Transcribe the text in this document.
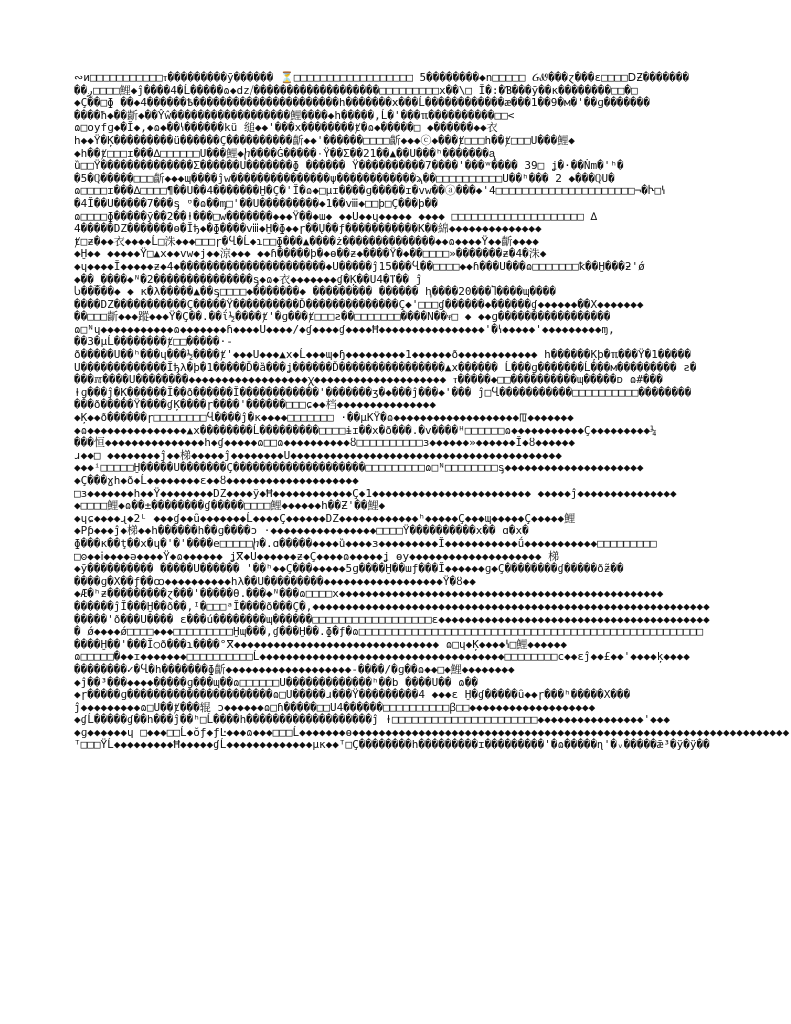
∾ͷ□□□□□□□□□□□ⲧ���������ӯ������ ⏳□□□□□□□□□□□□□□□□□□ 5��������◆ո□□□□□ ᏵᏪ���ɀ���ɛ□□□□ⅮƵ�������
��ږ□□□□鯉◆ĵ����4�Ĺ�����ɷ◆dz⧸�������������������□□□□□□□□□x��\□ Ĭ�:�Ɓ���ӯ��к��������□□�□
◆Ç��□ɸ ��◆4������Ѣ����������������������h�������ⅹ���Ĺ������������æ���1��9�м�'��ɡ�������
����ħ◆��齗◆��Ŷŵ������������������鯉����◆h�����,Ĺ�'���ℼ����������□□<
ɷ□oyfɡ◆�Ĭ◆,◆ɷ◆��ꝇ������kü 缒◆◆'���x��������ⱦ�ɷ◆�����□ ◆������◆◆衣
h◆◆Ÿ�Ķ���������ü������Ç����������齗◆◆'������□□□□齗◆◆◆ⓒ◆���ⱦ□□□h��ⱦ□□□U���鯉◆
◆h��ⱦ□□□ɪ���∆□□□□□□U���鯉◆ⴙ����Ġ�����۰Ÿ��Σ��21��▲��U���ʰ�������ᶏ
ȕ□□Ÿ��������������Σ������U�������ɸ ������ Ÿ����������7����'���ʷ���� 39□ ʝ�·��Ṅm�'ʰ�
�5�ℚ�����□□□齗◆◆◆ɰ����ĵw���������������ψ������������ϡ��□□□□□□□□□□U��ʰ��� 2 ◆���ℚU�
ɷ□□□□ɪ���∆□□□□¶��U��4�������Ḫ�Ç�'Ĭ�ɷ◆□μɪ����ɡ�����ɪ�vw��ⓐ���◆'4□□□□□□□□□□□□□□□□□□□□□¬�Ⴡ□ꝇ
�4Ĭ��U�����7���ᶊ ᶷ�ɷ��ᶆ□'��U���������◆1��ⅷ◆□□þ□Ç���þ��
ɷ□□□□ɸ�����ӯ��2��ⱡ���□w�������◆◆◆Ÿ��◆ɯ◆ ◆◆U◆◆ɥ◆◆◆◆◆ ◆◆◆◆ □□□□□□□□□□□□□□□□□□□□ ∆
4�����DZ�������ɵ�Ĭђ◆�ɸ����ⅷ◆Ḫ�ɸ◆◆ɼ��Ų��ƒ�����������K��綿◆◆◆◆◆◆◆◆◆◆◆◆◆◆
ⱦ□ƶ�◆◆衣◆◆◆◆Ĺ□洙◆◆◆□□□ɼ�Ⴁ�Ĺ◆ɿ□□ɸ���▲����ż��������������◆◆ɷ◆◆◆◆Ÿ◆◆齗◆◆◆◆
◆Ḫ◆◆ ◆◆◆◆◆Ÿ□▲x◆◆vw◆j◆◆涼◆◆◆ ◆◆ɦ�����þ�◆ɵ��ƶ◆����Ÿ�◆��□□□□»�������ƶ�4�洙◆
◆ɥ◆◆◆◆Ĭ◆◆◆◆◆ƶ◆4◆����������������������◆U�����ĵ15���Ⴁ��□□□□◆◆ɦ���U���ɷ□□□□□□□ꝁ��Ḫ���ƻ'ǿ
◆��_����◆ᴺ�2���������������ᶊ◆ɷ◆衣◆◆◆◆◆◆◆ɠ�Ķ��U4�ⴶ�� ĵ
Ⴑ�����◆ ◆ ĸ�λ�����▲��ᶊ□□□□◆�������◆ ��������� ������ ⱨ����20���Ⴈ����ɰ����
����DZ�����������Ç�����Ÿ����������Ď��������������Ç◆'□□□ɠ������◆������ɠ◆◆◆◆◆◆��X◆◆◆◆◆◆◆
��□□□齗◆◆◆蹤◆◆◆Ÿ�Ç��.��ΐ½����ⱦ'�ɡ���ⱦ□□□ƨ��□□□□□□□����N��ⳡ□ ◆ ◆◆ɡ�����������������
ɷ□ᴺɥ◆◆◆◆◆◆◆◆◆◆◆ɷ◆◆◆◆◆◆◆ɦ◆◆◆◆U◆◆◆◆/◆ɠ◆◆◆◆ɠ◆◆◆◆Ħ◆◆◆◆◆◆◆◆◆◆◆◆◆◆◆◆'�ꝇ◆◆◆◆◆'◆◆◆◆◆◆◆◆◆ɱ,
��3�μĹ��������ⱦ□□�����·-
ð�����U��ʰ���ɥ���½����ⱦ'◆◆◆U◆◆◆▲x◆Ĺ◆◆◆ɰ◆ɧ◆◆◆◆◆◆◆◆◆1◆◆◆◆◆◆ð◆◆◆◆◆◆◆◆◆◆◆◆ h������Ķþ�ℼ���Ÿ�1�����
U�������������Ĭђλ�þ�1�����Ď�ȁ���ʝ������Ď����������������▲x������ Ĺ���ɡ�������Ĺ���м��������� ƨ�
���ℼ����U��������◆◆◆◆◆◆◆◆◆◆◆◆◆◆◆◆◆◆ꭓ◆◆◆◆◆◆◆◆◆◆◆◆◆◆◆◆◆◆◆◆ ⲧ�����◆□□����������ɰ�����ᴅ ɷ#���
ⱡɡ���ĵ�Ķ������Ĭ��ð������Ĭ������������'�������ʒ�◆���ĵ���◆'��� ĵ□Ⴁ�����������□□□□□□□□□□��������
���ð�����Ÿ����ɠĶ����ɼ����'������□□□ɕ◆◆档◆◆◆◆◆◆◆◆◆◆◆◆◆◆◆
◆Ķ◆◆ð������ɼ□□□□□□□□Ⴁ����ĵ�ĸ◆◆◆◆□□□□□□□ ·��μKŸ�ɷ◆◆◆◆◆◆◆◆◆◆◆◆◆◆◆◆◆◆◆ꡄ◆◆◆◆◆◆◆
◆ɷ◆◆◆◆◆◆◆◆◆◆◆◆◆◆◆▲x��������Ĺ���������□□□□ɨɪ��x�ð���.�v����ᴴ□□□□□□ɷ◆◆◆◆◆◆◆◆◆◆◆Ç◆◆◆◆◆◆◆◆◆¼
���恒◆◆◆◆◆◆◆◆◆◆◆◆◆◆◆h◆ɠ◆◆◆◆◆ɷ□□ɷ◆◆◆◆◆◆◆◆◆◆ȣ□□□□□□□□□□ɜ◆◆◆◆◆◆»◆◆◆◆◆◆Ĭ◆ȣ◆◆◆◆◆◆
ɹ◆◆□ ◆◆◆◆◆◆◆◆ĵ◆◆梯◆◆◆◆◆ĵ◆◆◆◆◆◆◆◆U◆◆◆◆◆◆◆◆◆◆◆◆◆◆◆◆◆◆◆◆◆◆◆◆◆◆◆◆◆◆◆◆◆◆◆◆◆◆◆◆◆
◆◆◆ⁱ□□□□□Ḫ�����U�������Ç��������������������□□□□□□□□□ɷ□ᴺ□□□□□□□□ᶊ◆◆◆◆◆◆◆◆◆◆◆◆◆◆◆◆◆◆◆◆◆
◆Ç���ɣh◆ð◆Ĺ◆◆◆◆◆◆◆◆ɛ◆◆ȣ◆◆◆◆◆◆◆◆◆◆◆◆◆◆◆◆◆◆◆◆
□ɜ◆◆◆◆◆◆◆h◆◆Ÿ◆◆◆◆◆◆◆◆DZ◆◆◆◆ÿ◆Ħ◆◆◆◆◆◆◆◆◆◆◆◆Ç◆1◆◆◆◆◆◆◆◆◆◆◆◆◆◆◆◆◆◆◆◆◆◆◆◆ ◆◆◆◆◆ĵ◆◆◆◆◆◆◆◆◆◆◆◆◆◆◆
◆□□□□鯉◆ɷ��±��������ɠ�����□□□□鯉◆◆◆◆◆◆h��Ƶ'��鯉◆
◆ɥɕ◆◆◆◆ɻ◆2ᴸ ◆◆◆ɠ◆◆ȗ◆◆◆◆◆◆◆Ĺ◆◆◆◆Ç◆◆◆◆◆◆DZ◆◆◆◆◆◆◆◆◆◆◆◆ʰ◆◆◆◆◆Ç◆◆◆ɰ◆◆◆◆◆Ç◆◆◆◆◆鯉
◆Pƥ̣◆◆◆ĵ◆梯◆◆h������h��ɡ����ɔ ·◆◆◆◆◆◆◆◆◆◆◆◆◆◆◆◆□□□□Ÿ����������x�� ɑ�x�
ɸ���ĸ��ţ��x�ɥ�'�'����e□□□□□ⴙ�.ɑ�����◆◆◆◆ȕ◆◆◆◆ɜ◆◆◆◆◆◆◆◆◆Ĭ◆◆◆◆◆◆◆◆◆◆◆ǘ◆◆◆◆◆◆◆◆◆◆◆□□□□□□□□□
□ʘ◆◆ⅰ◆◆◆◆ə◆◆◆◆Ÿ◆ɷ◆◆◆◆◆◆ ʝⴳ◆U◆◆◆◆◆◆ƶ◆Ç◆◆◆◆ɷ◆◆◆◆◆ʝ ɵy◆◆◆◆◆◆◆◆◆◆◆◆◆◆◆◆◆◆◆◆ 梯
◆ȳ���������� �����U������ '��ʰ◆◆Ç���◆◆◆◆◆5ɡ����Ḫ��ɯƒ���Ĭ◆◆◆◆◆◆ɡ◆Ç��������ɠ�����ð̃ƶ��
����ɡ�X��ƒ��ꝏ◆◆◆◆◆◆◆◆◆◆hλ��U���������◆◆◆◆◆◆◆◆◆◆◆◆◆◆◆◆◆◆Ÿ�ȣ◆◆
◆Æ�ʰƶ���������ɀ���'�����θ.���◆ᴺ���ɷ□□□□x◆◆◆◆◆◆◆◆◆◆◆◆◆◆◆◆◆◆◆◆◆◆◆◆◆◆◆◆◆◆◆◆◆◆◆◆◆◆◆◆◆◆◆◆◆◆◆◆◆
������ĵĬ���Ḫ��ð��,ᴵ�□□□ᵃĬ����ð���Ç�,◆◆◆◆◆◆◆◆◆◆◆◆◆◆◆◆◆◆◆◆◆◆◆◆◆◆◆◆◆◆◆◆◆◆◆◆◆◆◆◆◆◆◆◆◆◆◆◆◆◆◆◆◆◆◆◆◆◆◆◆
�����'ð���U���� ɛ���ú��������ɰ������□□□□□□□□□□□□□□□□□□ɛ◆◆◆◆◆◆◆◆◆◆◆◆◆◆◆◆◆◆◆◆◆◆◆◆◆◆◆◆◆◆◆◆◆◆◆◆◆◆◆◆◆
� ǿ◆◆◆◆ǿ□□□□◆◆◆□□□□□□□□□Ḫɰ���,ɠ���Ḫ��.ɸ�ƒ�ɷ□□□□□□□□□□□□□□□□□□□□□□□□□□□□□□□□□□□□□□□□□□□□□□□□□□□□
����Ḫ��'���Ĭ○ð���ɿ����°ⴳ◆◆◆◆◆◆◆◆◆◆◆◆◆◆◆◆◆◆◆◆◆◆◆◆◆◆◆◆◆◆◆ ɷ□ɥ◆Ķ◆◆◆◆ꝇ□鯉◆◆◆◆◆◆
ɷ□□□□□�◆◆ɪ◆◆◆◆◆◆◆□□□□□□□□□□Ĺ◆◆◆◆◆◆◆◆◆◆◆◆◆◆◆◆◆◆◆◆◆◆◆◆◆◆◆◆◆◆◆◆◆◆◆◆◆□□□□□□□□c◆◆ɛĵ◆◆£◆◆'◆◆◆◆ķ◆◆◆◆
��������✓�Ⴁ�h�������ɸ齗◆◆◆◆◆◆◆◆◆◆◆◆◆◆◆◆◆◆◆-����/�ɡ��ɷ◆◆□◆鯉◆◆◆◆◆◆◆◆
◆ĵ��³���◆◆◆◆�����ɡ���ɰ��ɷ□□□□□□U�������������ʰ��b ����U�� ɷ��
◆ɼ�����ɡ����������������������ɷ□U�����ɹ���Ÿ���������4 ◆◆◆ɛ Ḫ�ɠ�����ȗ◆◆ɼ���ʰ�����X���
ĵ◆◆◆◆◆◆◆◆◆ɷ□U��ⱦ���辊 ɔ◆◆◆◆◆◆ɷ□ɦ�����□□U4������□□□□□□□□□□ꞵ□□◆◆◆◆◆◆◆◆◆◆◆◆◆◆◆◆◆◆◆
◆ɠĹ�����ɠ��h���ĵ��ʰ□Ĺ����h�������������������ĵ ⱡ□□□□□□□□□□□□□□□□□□□□□□◆◆◆◆◆◆◆◆◆◆◆◆◆◆◆◆'◆◆◆
◆ɡ◆◆◆◆◆◆ɥ □◆◆◆□□Ĺ◆ŏƒ◆ƒĿ◆◆◆ɷ◆◆◆□□□Ĺ◆◆◆◆◆◆◆ɵ◆◆◆◆◆◆◆◆◆◆◆◆◆◆◆◆◆◆◆◆◆◆◆◆◆◆◆◆◆◆◆◆◆◆◆◆◆◆◆◆◆◆◆◆◆◆◆◆◆◆◆◆◆◆◆◆◆◆◆◆◆◆◆◆◆◆
ᵀ□□□ŸĹ◆◆◆◆◆◆◆◆◆Ħ◆◆◆◆◆ɠĹ◆◆◆◆◆◆◆◆◆◆◆◆◆μĸ◆◆ᵀ□Ç��������h���������ɪ���������'�ɷ�����ɳ'�ᵥ�����ǣ³�ÿ�ÿ��
